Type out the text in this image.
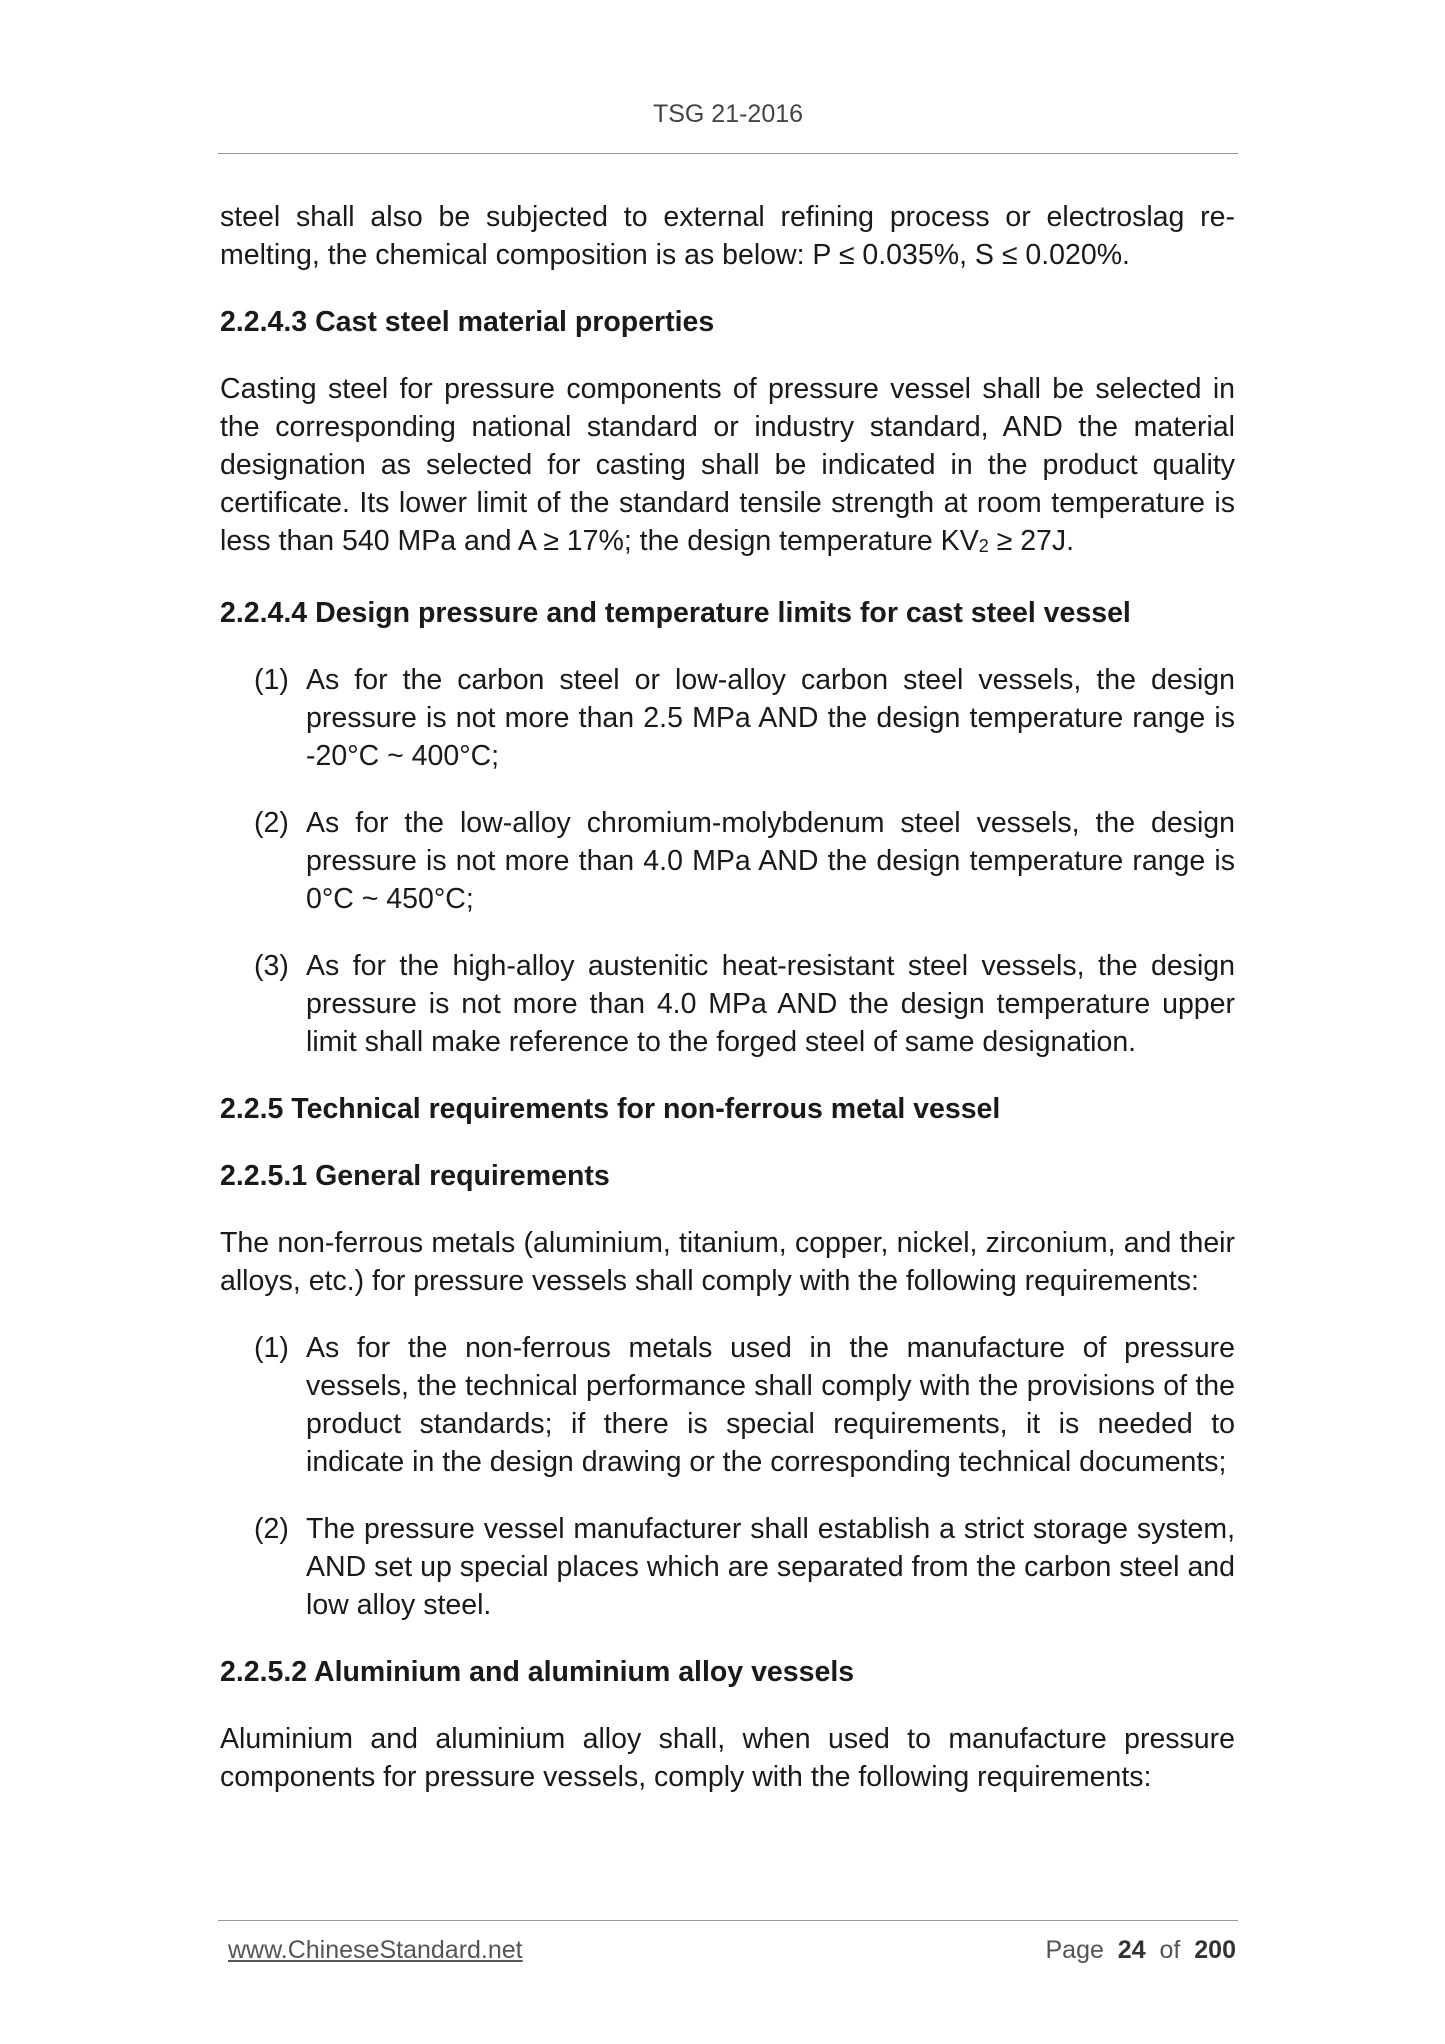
TSG 21-2016

steel shall also be subjected to external refining process or electroslag re-melting, the chemical composition is as below: P ≤ 0.035%, S ≤ 0.020%.

2.2.4.3 Cast steel material properties

Casting steel for pressure components of pressure vessel shall be selected in the corresponding national standard or industry standard, AND the material designation as selected for casting shall be indicated in the product quality certificate. Its lower limit of the standard tensile strength at room temperature is less than 540 MPa and A ≥ 17%; the design temperature $KV_2 \ge 27J$.

2.2.4.4 Design pressure and temperature limits for cast steel vessel
(1) As for the carbon steel or low-alloy carbon steel vessels, the design pressure is not more than 2.5 MPa AND the design temperature range is -20°C ~ 400°C;
(2) As for the low-alloy chromium-molybdenum steel vessels, the design pressure is not more than 4.0 MPa AND the design temperature range is 0°C ~ 450°C;
(3) As for the high-alloy austenitic heat-resistant steel vessels, the design pressure is not more than 4.0 MPa AND the design temperature upper limit shall make reference to the forged steel of same designation.
2.2.5 Technical requirements for non-ferrous metal vessel
2.2.5.1 General requirements

The non-ferrous metals (aluminium, titanium, copper, nickel, zirconium, and their alloys, etc.) for pressure vessels shall comply with the following requirements:

(1) As for the non-ferrous metals used in the manufacture of pressure vessels, the technical performance shall comply with the provisions of the product standards; if there is special requirements, it is needed to indicate in the design drawing or the corresponding technical documents;
(2) The pressure vessel manufacturer shall establish a strict storage system, AND set up special places which are separated from the carbon steel and low alloy steel.
2.2.5.2 Aluminium and aluminium alloy vessels

Aluminium and aluminium alloy shall, when used to manufacture pressure components for pressure vessels, comply with the following requirements:

www.ChineseStandard.net	Page 24 of 200
